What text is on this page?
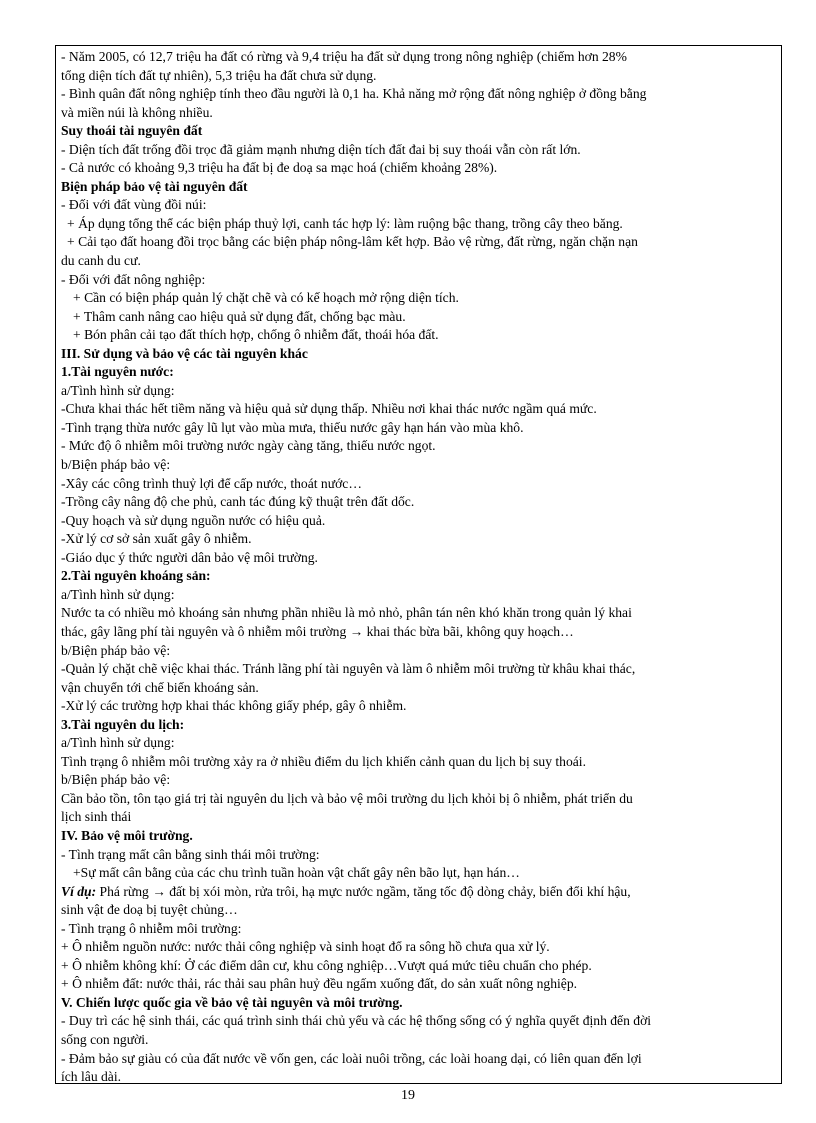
- Năm 2005, có 12,7 triệu ha đất có rừng và 9,4 triệu ha đất sử dụng trong nông nghiệp (chiếm hơn 28%
tổng diện tích đất tự nhiên), 5,3 triệu ha đất chưa sử dụng.
- Bình quân đất nông nghiệp tính theo đầu người là 0,1 ha. Khả năng mở rộng đất nông nghiệp ở đồng bằng
và miền núi là không nhiều.
Suy thoái tài nguyên đất
- Diện tích đất trống đồi trọc đã giảm mạnh nhưng diện tích đất đai bị suy thoái vẫn còn rất lớn.
- Cả nước có khoảng 9,3 triệu ha đất bị đe doạ sa mạc hoá (chiếm khoảng 28%).
Biện pháp bảo vệ tài nguyên đất
- Đối với đất vùng đồi núi:
+ Áp dụng tổng thể các biện pháp thuỷ lợi, canh tác hợp lý: làm ruộng bậc thang, trồng cây theo băng.
+ Cải tạo đất hoang đồi trọc bằng các biện pháp nông-lâm kết hợp. Bảo vệ rừng, đất rừng, ngăn chặn nạn
du canh du cư.
- Đối với đất nông nghiệp:
+ Cần có biện pháp quản lý chặt chẽ và có kế hoạch mở rộng diện tích.
+ Thâm canh nâng cao hiệu quả sử dụng đất, chống bạc màu.
+ Bón phân cải tạo đất thích hợp, chống ô nhiễm đất, thoái hóa đất.
III. Sử dụng và bảo vệ các tài nguyên khác
1.Tài nguyên nước:
a/Tình hình sử dụng:
-Chưa khai thác hết tiềm năng và hiệu quả sử dụng thấp. Nhiều nơi khai thác nước ngầm quá mức.
-Tình trạng thừa nước gây lũ lụt vào mùa mưa, thiếu nước gây hạn hán vào mùa khô.
- Mức độ ô nhiễm môi trường nước ngày càng tăng, thiếu nước ngọt.
b/Biện pháp bảo vệ:
-Xây các công trình thuỷ lợi để cấp nước, thoát nước…
-Trồng cây nâng độ che phủ, canh tác đúng kỹ thuật trên đất dốc.
-Quy hoạch và sử dụng nguồn nước có hiệu quả.
-Xử lý cơ sở sản xuất gây ô nhiễm.
-Giáo dục ý thức người dân bảo vệ môi trường.
2.Tài nguyên khoáng sản:
a/Tình hình sử dụng:
Nước ta có nhiều mỏ khoáng sản nhưng phần nhiều là mỏ nhỏ, phân tán nên khó khăn trong quản lý khai
thác, gây lãng phí tài nguyên và ô nhiễm môi trường → khai thác bừa bãi, không quy hoạch…
b/Biện pháp bảo vệ:
-Quản lý chặt chẽ việc khai thác. Tránh lãng phí tài nguyên và làm ô nhiễm môi trường từ khâu khai thác,
vận chuyển tới chế biến khoáng sản.
-Xử lý các trường hợp khai thác không giấy phép, gây ô nhiễm.
3.Tài nguyên du lịch:
a/Tình hình sử dụng:
Tình trạng ô nhiễm môi trường xảy ra ở nhiều điểm du lịch khiến cảnh quan du lịch bị suy thoái.
b/Biện pháp bảo vệ:
Cần bảo tồn, tôn tạo giá trị tài nguyên du lịch và bảo vệ môi trường du lịch khỏi bị ô nhiễm, phát triển du
lịch sinh thái
IV. Bảo vệ môi trường.
- Tình trạng mất cân bằng sinh thái môi trường:
+Sự mất cân bằng của các chu trình tuần hoàn vật chất gây nên bão lụt, hạn hán…
Ví dụ: Phá rừng → đất bị xói mòn, rửa trôi, hạ mực nước ngầm, tăng tốc độ dòng chảy, biến đổi khí hậu,
sinh vật đe doạ bị tuyệt chủng…
- Tình trạng ô nhiễm môi trường:
+ Ô nhiễm nguồn nước: nước thải công nghiệp và sinh hoạt đổ ra sông hồ chưa qua xử lý.
+ Ô nhiễm không khí: Ở các điểm dân cư, khu công nghiệp…Vượt quá mức tiêu chuẩn cho phép.
+ Ô nhiễm đất: nước thải, rác thải sau phân huỷ đều ngấm xuống đất, do sản xuất nông nghiệp.
V. Chiến lược quốc gia về bảo vệ tài nguyên và môi trường.
- Duy trì các hệ sinh thái, các quá trình sinh thái chủ yếu và các hệ thống sống có ý nghĩa quyết định đến đời
sống con người.
- Đảm bảo sự giàu có của đất nước về vốn gen, các loài nuôi trồng, các loài hoang dại, có liên quan đến lợi
ích lâu dài.
19
